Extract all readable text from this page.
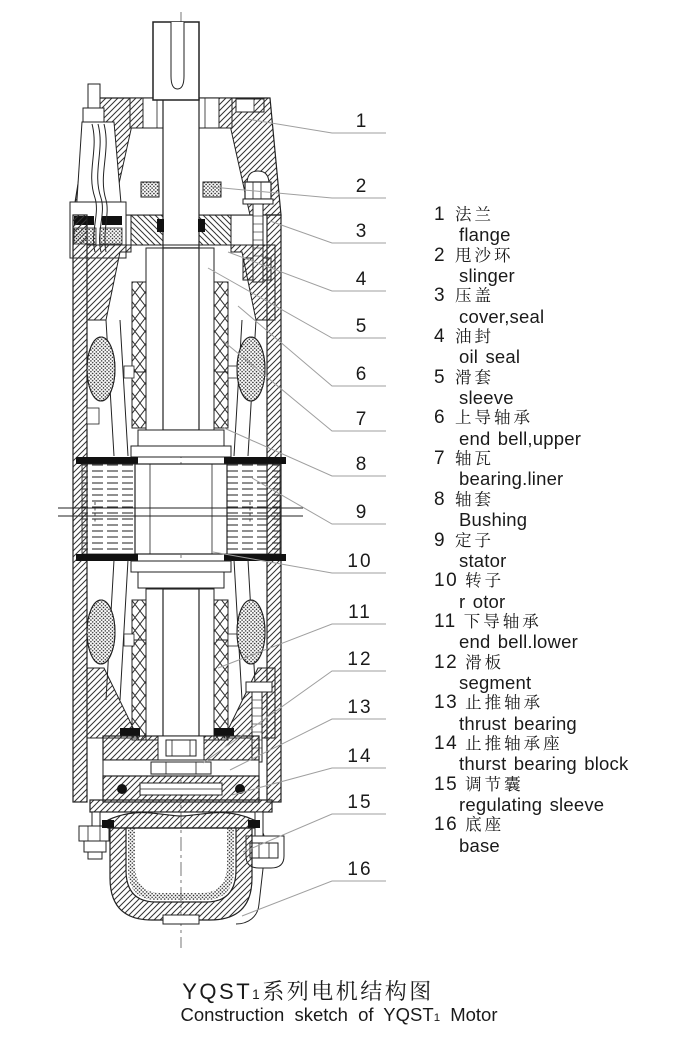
1
2
3
4
5
6
7
8
9
10
11
12
13
14
15
16
1 法兰
flange
2 甩沙环
slinger
3 压盖
cover,seal
4 油封
oil seal
5 滑套
sleeve
6 上导轴承
end bell,upper
7 轴瓦
bearing.liner
8 轴套
Bushing
9 定子
stator
10 转子
r otor
11 下导轴承
end bell.lower
12 滑板
segment
13 止推轴承
thrust bearing
14 止推轴承座
thurst bearing block
15 调节囊
regulating sleeve
16 底座
base
YQST1系列电机结构图
Construction sketch of YQST1 Motor
